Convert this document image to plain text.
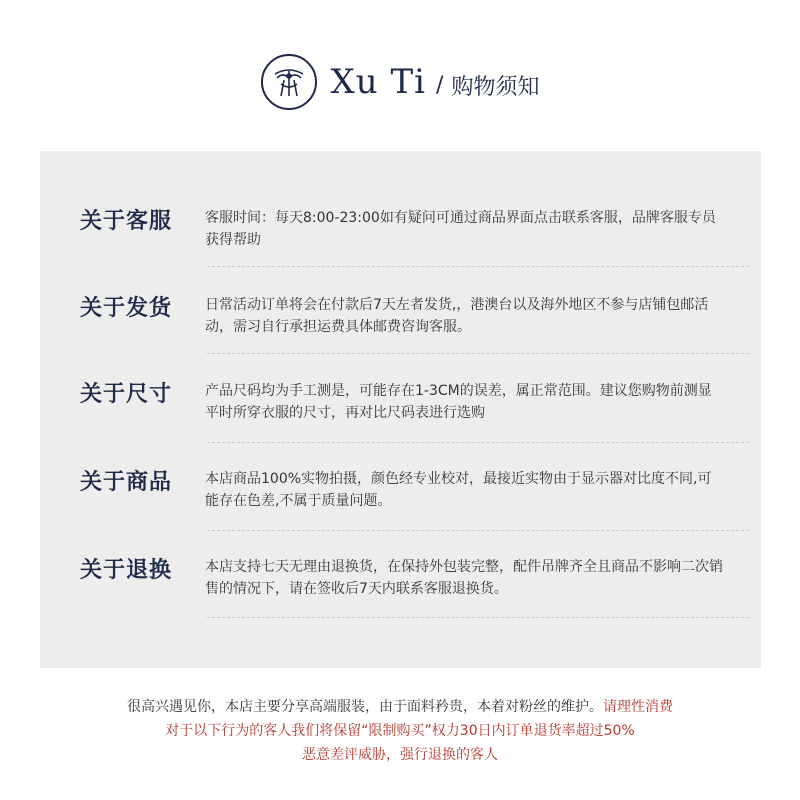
Xu Ti / 购物须知
关于客服 客服时间：每天8:00-23:00如有疑问可通过商品界面点击联系客服，品牌客服专员获得帮助
关于发货 日常活动订单将会在付款后7天左者发货,，港澳台以及海外地区不参与店铺包邮活动，需习自行承担运费具体邮费咨询客服。
关于尺寸 产品尺码均为手工测是，可能存在1-3CM的误差，属正常范围。建议您购物前测显平时所穿衣服的尺寸，再对比尺码表进行选购
关于商品 本店商品100%实物拍摄，颜色经专业校对，最接近实物由于显示器对比度不同,可能存在色差,不属于质量问题。
关于退换 本店支持七天无理由退换货，在保持外包装完整，配件吊牌齐全且商品不影响二次销售的情况下，请在签收后7天内联系客服退换货。
很高兴遇见你，本店主要分享高端服装，由于面料矜贵，本着对粉丝的维护。请理性消费
对于以下行为的客人我们将保留“限制购买”权力30日内订单退货率超过50%
恶意差评威胁，强行退换的客人
